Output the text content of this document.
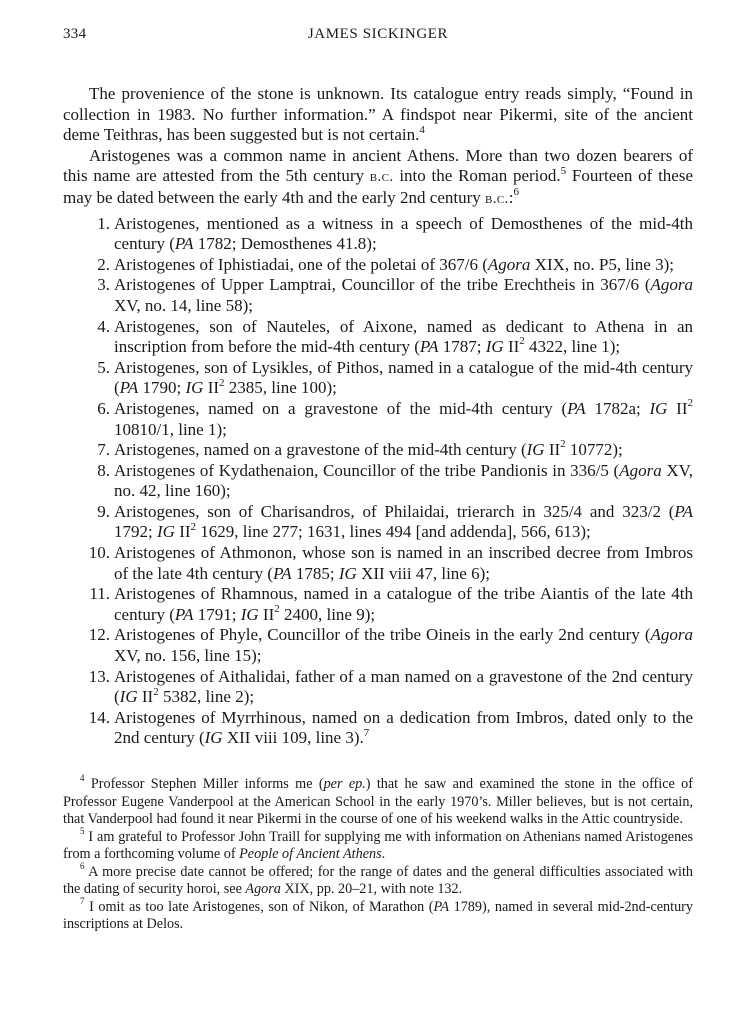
334	JAMES SICKINGER

The provenience of the stone is unknown. Its catalogue entry reads simply, “Found in collection in 1983. No further information.” A findspot near Pikermi, site of the ancient deme Teithras, has been suggested but is not certain.$^4$

Aristogenes was a common name in ancient Athens. More than two dozen bearers of this name are attested from the 5th century b.c. into the Roman period.$^5$ Fourteen of these may be dated between the early 4th and the early 2nd century b.c.:$^6$

1. Aristogenes, mentioned as a witness in a speech of Demosthenes of the mid-4th century (PA 1782; Demosthenes 41.8);
2. Aristogenes of Iphistiadai, one of the poletai of 367/6 (Agora XIX, no. P5, line 3);
3. Aristogenes of Upper Lamptrai, Councillor of the tribe Erechtheis in 367/6 (Agora XV, no. 14, line 58);
4. Aristogenes, son of Nauteles, of Aixone, named as dedicant to Athena in an inscription from before the mid-4th century (PA 1787; IG $II^2$ 4322, line 1);
5. Aristogenes, son of Lysikles, of Pithos, named in a catalogue of the mid-4th century (PA 1790; IG $II^2$ 2385, line 100);
6. Aristogenes, named on a gravestone of the mid-4th century (PA 1782a; IG $II^2$ 10810/1, line 1);
7. Aristogenes, named on a gravestone of the mid-4th century (IG $II^2$ 10772);
8. Aristogenes of Kydathenaion, Councillor of the tribe Pandionis in 336/5 (Agora XV, no. 42, line 160);
9. Aristogenes, son of Charisandros, of Philaidai, trierarch in 325/4 and 323/2 (PA 1792; IG $II^2$ 1629, line 277; 1631, lines 494 [and addenda], 566, 613);
10. Aristogenes of Athmonon, whose son is named in an inscribed decree from Imbros of the late 4th century (PA 1785; IG XII viii 47, line 6);
11. Aristogenes of Rhamnous, named in a catalogue of the tribe Aiantis of the late 4th century (PA 1791; IG $II^2$ 2400, line 9);
12. Aristogenes of Phyle, Councillor of the tribe Oineis in the early 2nd century (Agora XV, no. 156, line 15);
13. Aristogenes of Aithalidai, father of a man named on a gravestone of the 2nd century (IG $II^2$ 5382, line 2);
14. Aristogenes of Myrrhinous, named on a dedication from Imbros, dated only to the 2nd century (IG XII viii 109, line 3).$^7$

$^4$ Professor Stephen Miller informs me (per ep.) that he saw and examined the stone in the office of Professor Eugene Vanderpool at the American School in the early 1970’s. Miller believes, but is not certain, that Vanderpool had found it near Pikermi in the course of one of his weekend walks in the Attic countryside.

$^5$ I am grateful to Professor John Traill for supplying me with information on Athenians named Aristogenes from a forthcoming volume of People of Ancient Athens.

$^6$ A more precise date cannot be offered; for the range of dates and the general difficulties associated with the dating of security horoi, see Agora XIX, pp. 20–21, with note 132.

$^7$ I omit as too late Aristogenes, son of Nikon, of Marathon (PA 1789), named in several mid-2nd-century inscriptions at Delos.
